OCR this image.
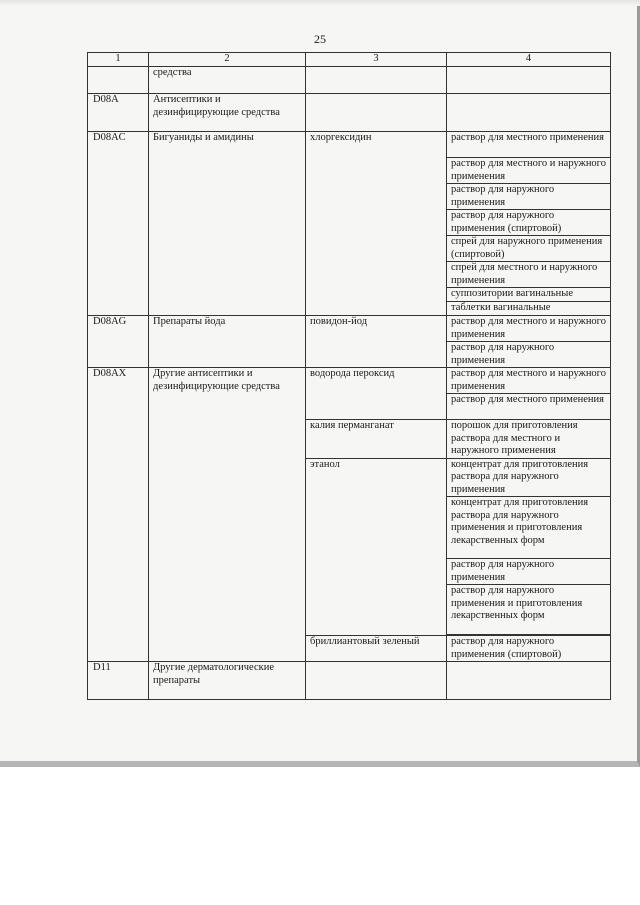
25
1	2	3	4
	средства		
D08A	Антисептики и дезинфицирующие средства		
D08AC	Бигуаниды и амидины	хлоргексидин	раствор для местного применения
			раствор для местного и наружного применения
			раствор для наружного применения
			раствор для наружного применения (спиртовой)
			спрей для наружного применения (спиртовой)
			спрей для местного и наружного применения
			суппозитории вагинальные
			таблетки вагинальные
D08AG	Препараты йода	повидон-йод	раствор для местного и наружного применения
			раствор для наружного применения
D08AX	Другие антисептики и дезинфицирующие средства	водорода пероксид	раствор для местного и наружного применения
			раствор для местного применения
		калия перманганат	порошок для приготовления раствора для местного и наружного применения
		этанол	концентрат для приготовления раствора для наружного применения
			концентрат для приготовления раствора для наружного применения и приготовления лекарственных форм
			раствор для наружного применения
			раствор для наружного применения и приготовления лекарственных форм

		бриллиантовый зеленый	раствор для наружного применения (спиртовой)
D11	Другие дерматологические препараты		
